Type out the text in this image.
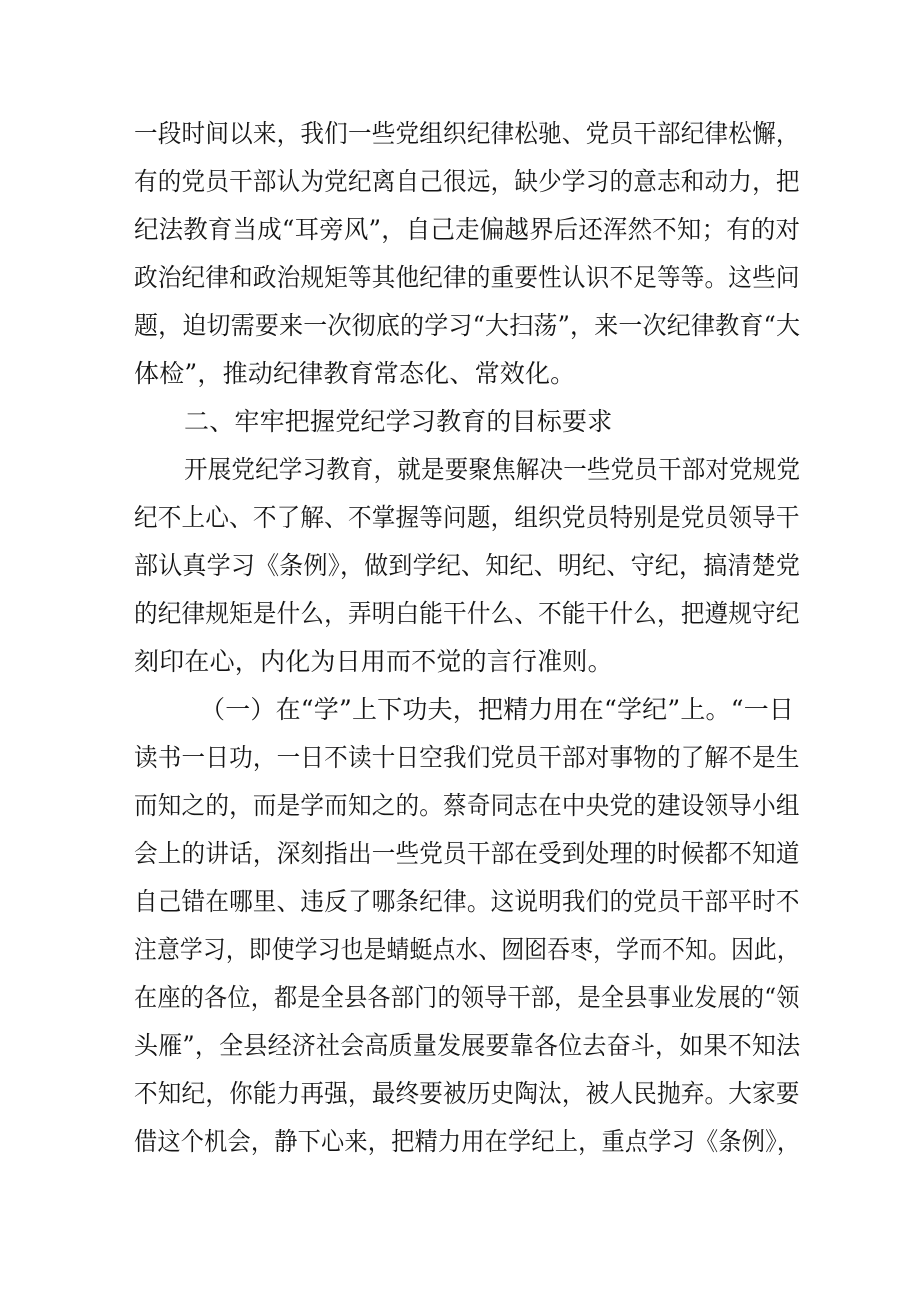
一段时间以来，我们一些党组织纪律松驰、党员干部纪律松懈，
有的党员干部认为党纪离自己很远，缺少学习的意志和动力，把
纪法教育当成“耳旁风”，自己走偏越界后还浑然不知；有的对
政治纪律和政治规矩等其他纪律的重要性认识不足等等。这些问
题，迫切需要来一次彻底的学习“大扫荡”，来一次纪律教育“大
体检”，推动纪律教育常态化、常效化。
二、牢牢把握党纪学习教育的目标要求
开展党纪学习教育，就是要聚焦解决一些党员干部对党规党
纪不上心、不了解、不掌握等问题，组织党员特别是党员领导干
部认真学习《条例》，做到学纪、知纪、明纪、守纪，搞清楚党
的纪律规矩是什么，弄明白能干什么、不能干什么，把遵规守纪
刻印在心，内化为日用而不觉的言行准则。
（一）在“学”上下功夫，把精力用在“学纪”上。“一日
读书一日功，一日不读十日空我们党员干部对事物的了解不是生
而知之的，而是学而知之的。蔡奇同志在中央党的建设领导小组
会上的讲话，深刻指出一些党员干部在受到处理的时候都不知道
自己错在哪里、违反了哪条纪律。这说明我们的党员干部平时不
注意学习，即使学习也是蜻蜓点水、囫囵吞枣，学而不知。因此，
在座的各位，都是全县各部门的领导干部，是全县事业发展的“领
头雁”，全县经济社会高质量发展要靠各位去奋斗，如果不知法
不知纪，你能力再强，最终要被历史陶汰，被人民抛弃。大家要
借这个机会，静下心来，把精力用在学纪上，重点学习《条例》，
